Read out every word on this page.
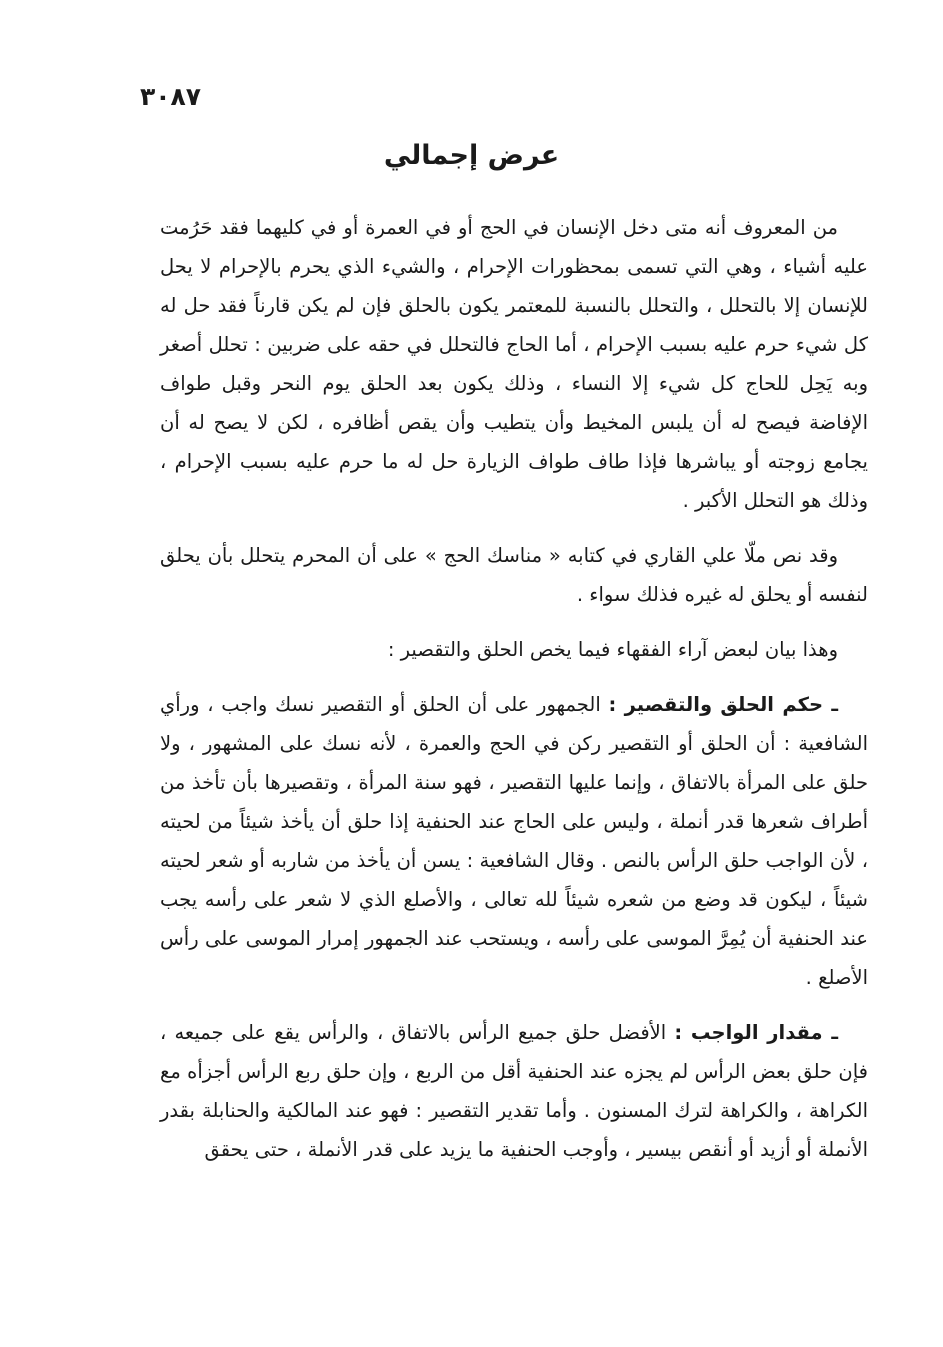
٣٠٨٧
عرض إجمالي

من المعروف أنه متى دخل الإنسان في الحج أو في العمرة أو في كليهما فقد حَرُمت عليه أشياء ، وهي التي تسمى بمحظورات الإحرام ، والشيء الذي يحرم بالإحرام لا يحل للإنسان إلا بالتحلل ، والتحلل بالنسبة للمعتمر يكون بالحلق فإن لم يكن قارناً فقد حل له كل شيء حرم عليه بسبب الإحرام ، أما الحاج فالتحلل في حقه على ضربين : تحلل أصغر وبه يَحِل للحاج كل شيء إلا النساء ، وذلك يكون بعد الحلق يوم النحر وقبل طواف الإفاضة فيصح له أن يلبس المخيط وأن يتطيب وأن يقص أظافره ، لكن لا يصح له أن يجامع زوجته أو يباشرها فإذا طاف طواف الزيارة حل له ما حرم عليه بسبب الإحرام ، وذلك هو التحلل الأكبر .

وقد نص ملّا علي القاري في كتابه « مناسك الحج » على أن المحرم يتحلل بأن يحلق لنفسه أو يحلق له غيره فذلك سواء .

وهذا بيان لبعض آراء الفقهاء فيما يخص الحلق والتقصير :

ـ حكم الحلق والتقصير : الجمهور على أن الحلق أو التقصير نسك واجب ، ورأي الشافعية : أن الحلق أو التقصير ركن في الحج والعمرة ، لأنه نسك على المشهور ، ولا حلق على المرأة بالاتفاق ، وإنما عليها التقصير ، فهو سنة المرأة ، وتقصيرها بأن تأخذ من أطراف شعرها قدر أنملة ، وليس على الحاج عند الحنفية إذا حلق أن يأخذ شيئاً من لحيته ، لأن الواجب حلق الرأس بالنص . وقال الشافعية : يسن أن يأخذ من شاربه أو شعر لحيته شيئاً ، ليكون قد وضع من شعره شيئاً لله تعالى ، والأصلع الذي لا شعر على رأسه يجب عند الحنفية أن يُمِرَّ الموسى على رأسه ، ويستحب عند الجمهور إمرار الموسى على رأس الأصلع .

ـ مقدار الواجب : الأفضل حلق جميع الرأس بالاتفاق ، والرأس يقع على جميعه ، فإن حلق بعض الرأس لم يجزه عند الحنفية أقل من الربع ، وإن حلق ربع الرأس أجزأه مع الكراهة ، والكراهة لترك المسنون . وأما تقدير التقصير : فهو عند المالكية والحنابلة بقدر الأنملة أو أزيد أو أنقص بيسير ، وأوجب الحنفية ما يزيد على قدر الأنملة ، حتى يحقق
